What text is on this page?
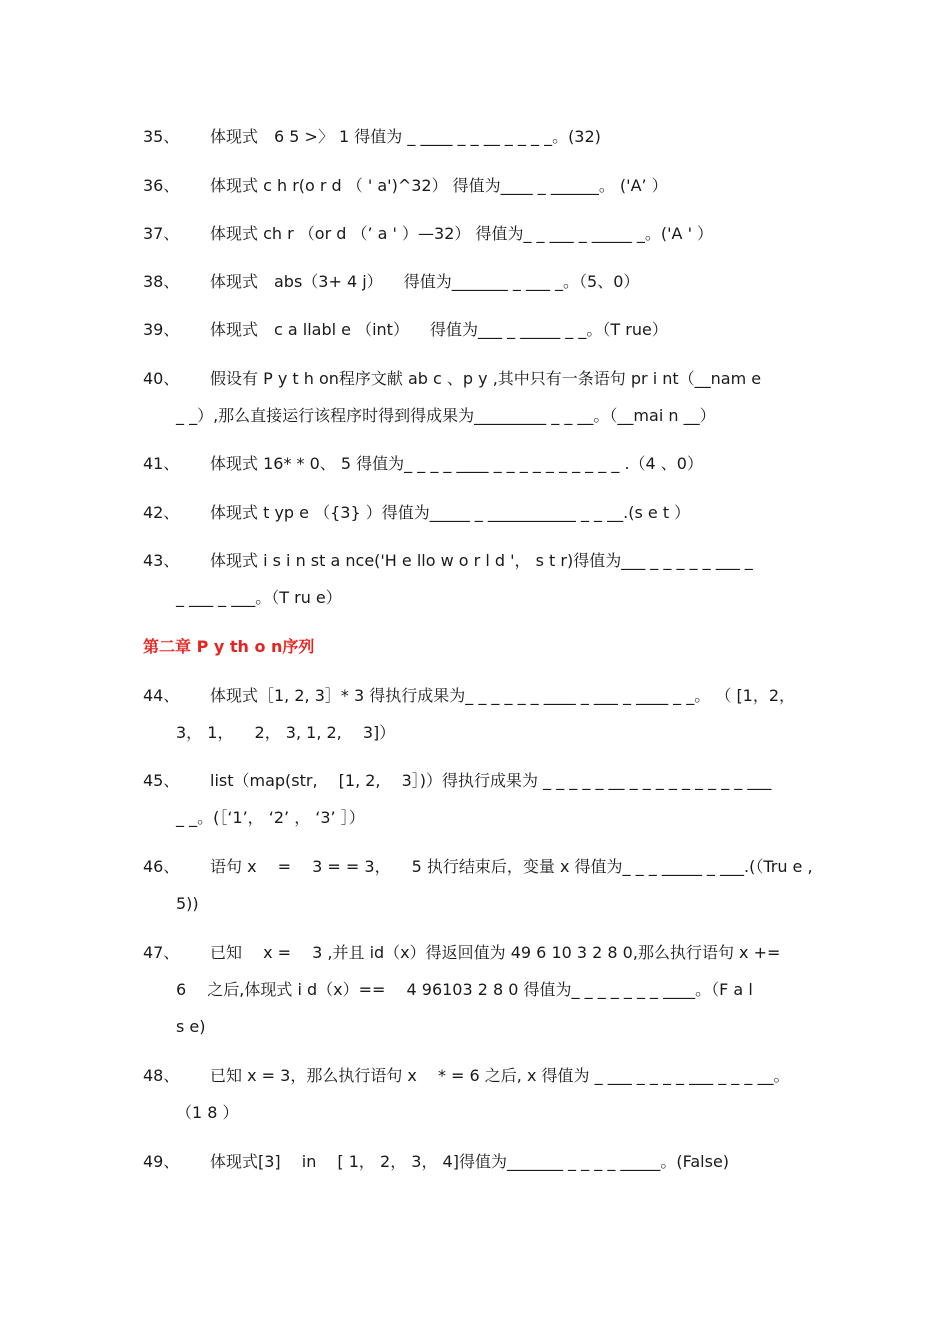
35、 体现式　6 5 >〉 1 得值为 _ ____ _ _ __ _ _ _ _。(32)
36、 体现式 c h r(o r d （ ' a')^32） 得值为____ _ ______。 ('A’ ）
37、 体现式 ch r （or d （’ a ' ）—32） 得值为_ _ ___ _ _____ _。('A ' ）
38、 体现式　abs（3+ 4 j） 　得值为_______ _ ___ _。（5、0）
39、 体现式　c a llabl e （int） 　得值为___ _ _____ _ _。（T rue）
40、 假设有 P y t h on程序文献 ab c 、p y ,其中只有一条语句 pr i nt（__nam e
_ _）,那么直接运行该程序时得到得成果为_________ _ _ __。（__mai n __）
41、 体现式 16* * 0、 5 得值为_ _ _ _ ____ _ _ _ _ _ _ _ _ _ _ .（4 、0）
42、 体现式 t yp e （{3} ）得值为_____ _ ___________ _ _ __.(s e t ）
43、 体现式 i s i n st a nce('H e llo w o r l d '， s t r)得值为___ _ _ _ _ _ ___ _
_ ___ _ ___。（T ru e）
第二章 P y th o n序列
44、 体现式［1, 2, 3］* 3 得执行成果为_ _ _ _ _ _ ____ _ ___ _ ____ _ _。 （ [1，2，
3， 1， 　2， 3, 1, 2, 　3]）
45、 list（map(str, 　[1, 2, 　3］)）得执行成果为 _ _ _ _ _ __ _ _ _ _ _ _ _ _ _ ___
_ _。(［‘1’， ‘2’ ， ‘3’ ］）
46、 语句 x 　= 　3 = = 3， 　5 执行结束后，变量 x 得值为_ _ _ _____ _ ___.(（Tru e ,
5))
47、 已知 　x = 　3 ,并且 id（x）得返回值为 49 6 10 3 2 8 0,那么执行语句 x +=
6 　之后,体现式 i d（x）== 　4 96103 2 8 0 得值为_ _ _ _ _ _ _ ____。（F a l
s e)
48、 已知 x = 3，那么执行语句 x 　* = 6 之后, x 得值为 _ ___ _ _ _ _ ___ _ _ _ __。
（1 8 ）
49、 体现式[3] 　in 　[ 1， 2， 3， 4]得值为_______ _ _ _ _ _____。(False)
